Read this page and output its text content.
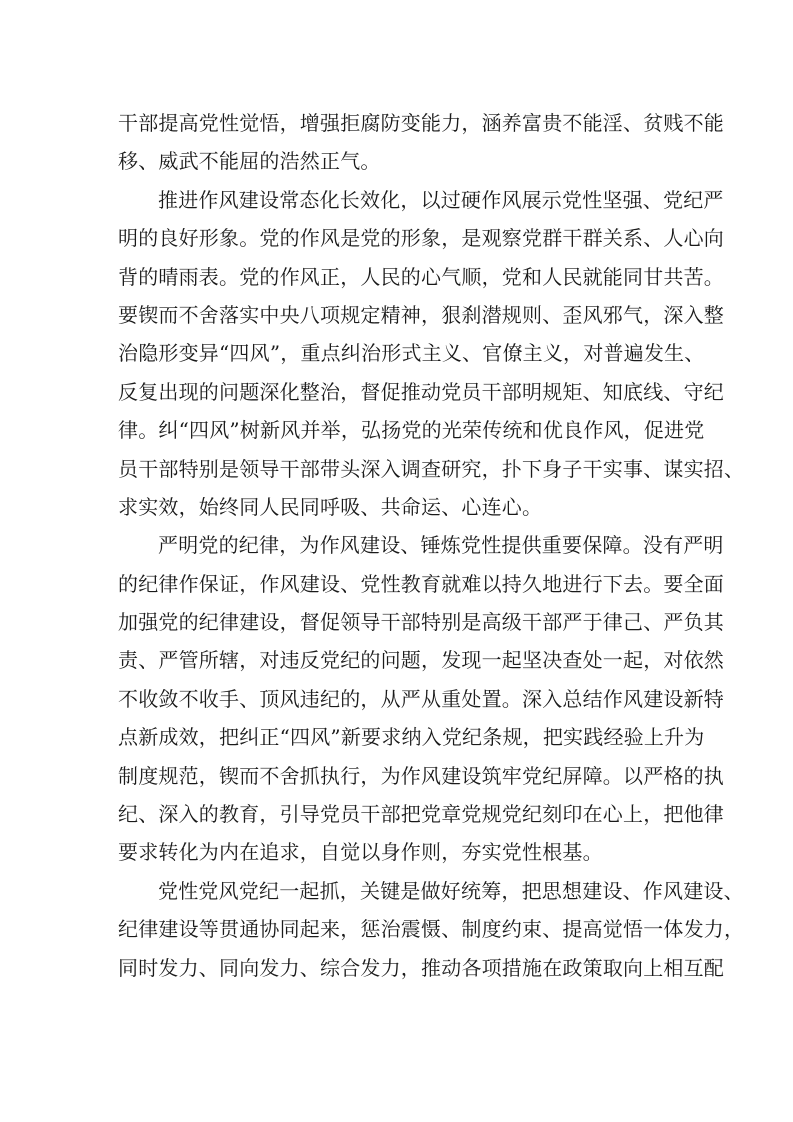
干部提高党性觉悟，增强拒腐防变能力，涵养富贵不能淫、贫贱不能
移、威武不能屈的浩然正气。
推进作风建设常态化长效化，以过硬作风展示党性坚强、党纪严
明的良好形象。党的作风是党的形象，是观察党群干群关系、人心向
背的晴雨表。党的作风正，人民的心气顺，党和人民就能同甘共苦。
要锲而不舍落实中央八项规定精神，狠刹潜规则、歪风邪气，深入整
治隐形变异“四风”，重点纠治形式主义、官僚主义，对普遍发生、
反复出现的问题深化整治，督促推动党员干部明规矩、知底线、守纪
律。纠“四风”树新风并举，弘扬党的光荣传统和优良作风，促进党
员干部特别是领导干部带头深入调查研究，扑下身子干实事、谋实招、
求实效，始终同人民同呼吸、共命运、心连心。
严明党的纪律，为作风建设、锤炼党性提供重要保障。没有严明
的纪律作保证，作风建设、党性教育就难以持久地进行下去。要全面
加强党的纪律建设，督促领导干部特别是高级干部严于律己、严负其
责、严管所辖，对违反党纪的问题，发现一起坚决查处一起，对依然
不收敛不收手、顶风违纪的，从严从重处置。深入总结作风建设新特
点新成效，把纠正“四风”新要求纳入党纪条规，把实践经验上升为
制度规范，锲而不舍抓执行，为作风建设筑牢党纪屏障。以严格的执
纪、深入的教育，引导党员干部把党章党规党纪刻印在心上，把他律
要求转化为内在追求，自觉以身作则，夯实党性根基。
党性党风党纪一起抓，关键是做好统筹，把思想建设、作风建设、
纪律建设等贯通协同起来，惩治震慑、制度约束、提高觉悟一体发力，
同时发力、同向发力、综合发力，推动各项措施在政策取向上相互配
